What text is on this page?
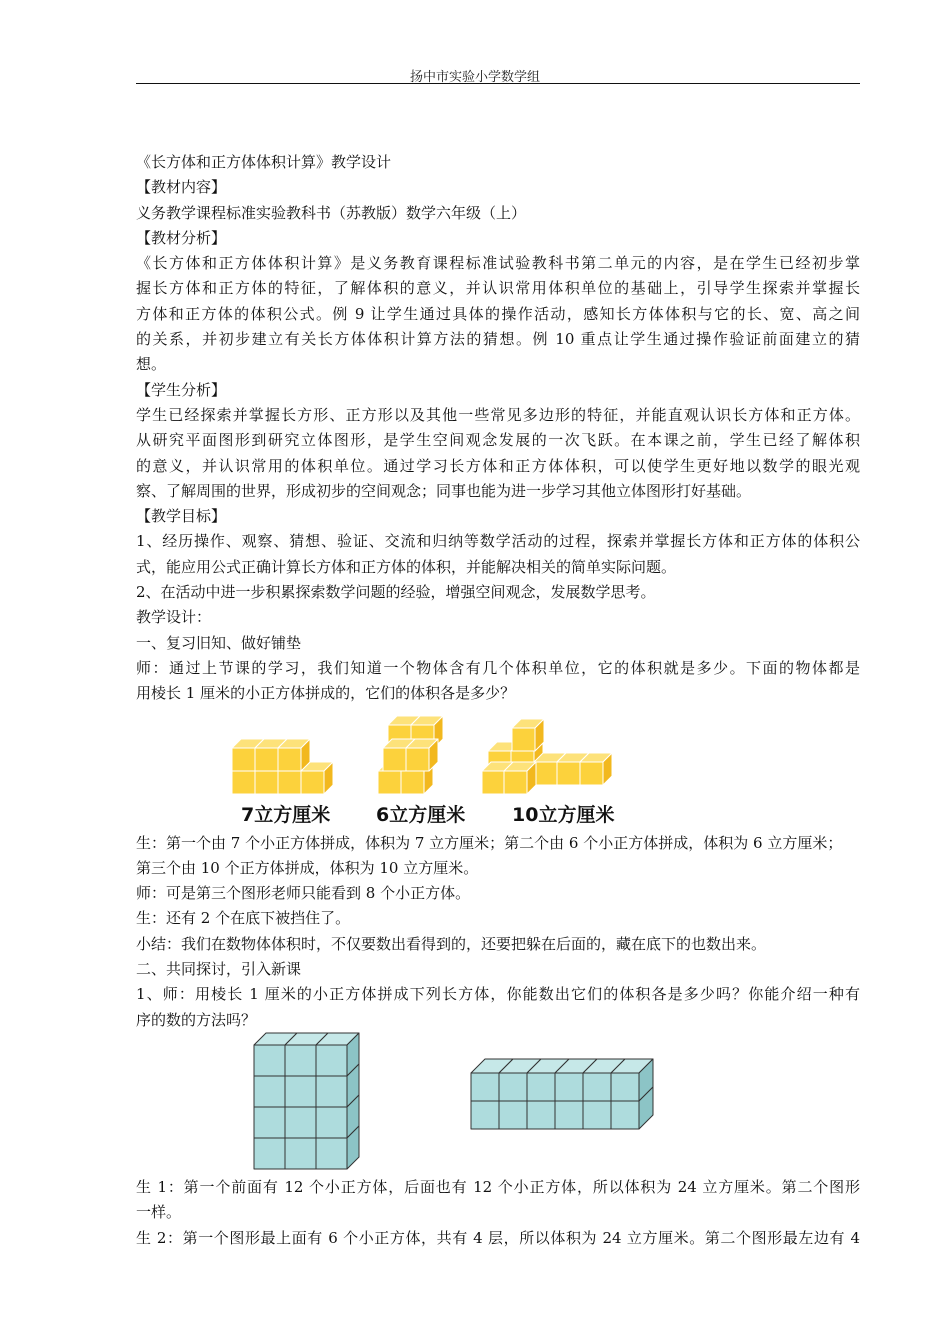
扬中市实验小学数学组
《长方体和正方体体积计算》教学设计
【教材内容】
义务教学课程标准实验教科书（苏教版）数学六年级（上）
【教材分析】
《长方体和正方体体积计算》是义务教育课程标准试验教科书第二单元的内容，是在学生已经初步掌
握长方体和正方体的特征，了解体积的意义，并认识常用体积单位的基础上，引导学生探索并掌握长
方体和正方体的体积公式。例 9 让学生通过具体的操作活动，感知长方体体积与它的长、宽、高之间
的关系，并初步建立有关长方体体积计算方法的猜想。例 10 重点让学生通过操作验证前面建立的猜
想。
【学生分析】
学生已经探索并掌握长方形、正方形以及其他一些常见多边形的特征，并能直观认识长方体和正方体。
从研究平面图形到研究立体图形，是学生空间观念发展的一次飞跃。在本课之前，学生已经了解体积
的意义，并认识常用的体积单位。通过学习长方体和正方体体积，可以使学生更好地以数学的眼光观
察、了解周围的世界，形成初步的空间观念；同事也能为进一步学习其他立体图形打好基础。
【教学目标】
1、经历操作、观察、猜想、验证、交流和归纳等数学活动的过程，探索并掌握长方体和正方体的体积公
式，能应用公式正确计算长方体和正方体的体积，并能解决相关的简单实际问题。
2、在活动中进一步积累探索数学问题的经验，增强空间观念，发展数学思考。
教学设计：
一、复习旧知、做好铺垫
师：通过上节课的学习，我们知道一个物体含有几个体积单位，它的体积就是多少。下面的物体都是
用棱长 1 厘米的小正方体拼成的，它们的体积各是多少？
7立方厘米 6立方厘米 10立方厘米
生：第一个由 7 个小正方体拼成，体积为 7 立方厘米；第二个由 6 个小正方体拼成，体积为 6 立方厘米；
第三个由 10 个正方体拼成，体积为 10 立方厘米。
师：可是第三个图形老师只能看到 8 个小正方体。
生：还有 2 个在底下被挡住了。
小结：我们在数物体体积时，不仅要数出看得到的，还要把躲在后面的，藏在底下的也数出来。
二、共同探讨，引入新课
1、师：用棱长 1 厘米的小正方体拼成下列长方体，你能数出它们的体积各是多少吗？你能介绍一种有
序的数的方法吗？
生 1：第一个前面有 12 个小正方体，后面也有 12 个小正方体，所以体积为 24 立方厘米。第二个图形
一样。
生 2：第一个图形最上面有 6 个小正方体，共有 4 层，所以体积为 24 立方厘米。第二个图形最左边有 4
